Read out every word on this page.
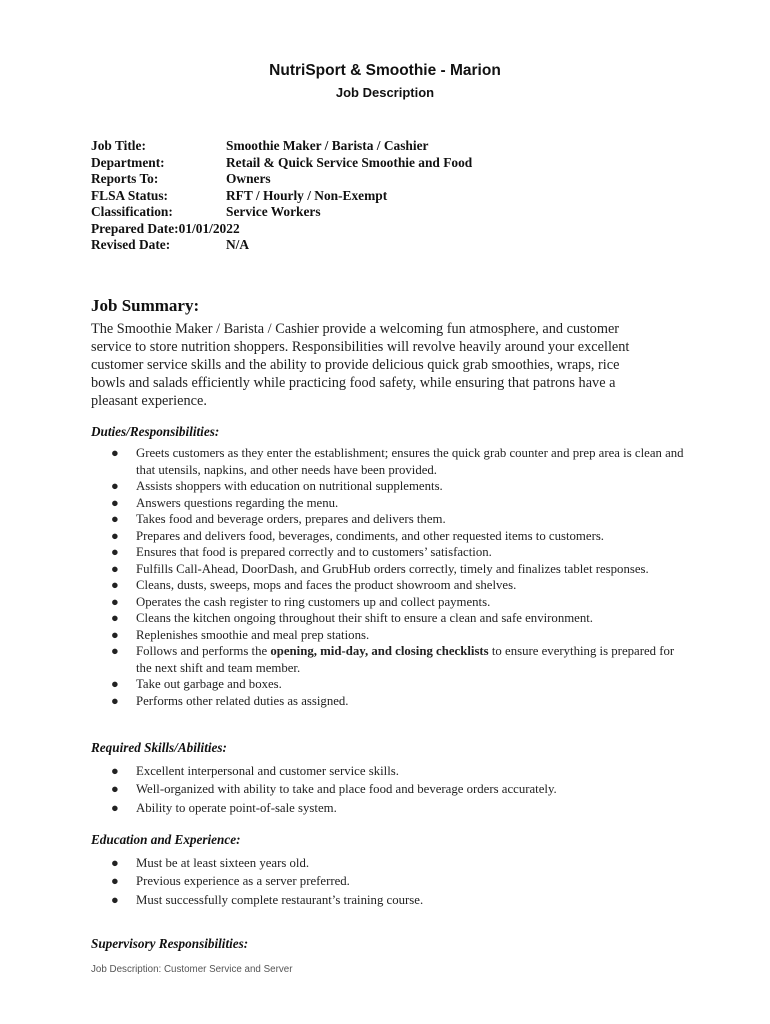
NutriSport & Smoothie - Marion
Job Description
Job Title:	Smoothie Maker / Barista / Cashier
Department:	Retail & Quick Service Smoothie and Food
Reports To:	Owners
FLSA Status:	RFT / Hourly / Non-Exempt
Classification:	Service Workers
Prepared Date:01/01/2022
Revised Date:	N/A
Job Summary:
The Smoothie Maker / Barista / Cashier provide a welcoming fun atmosphere, and customer
service to store nutrition shoppers. Responsibilities will revolve heavily around your excellent
customer service skills and the ability to provide delicious quick grab smoothies, wraps, rice
bowls and salads efficiently while practicing food safety, while ensuring that patrons have a
pleasant experience.
Duties/Responsibilities:
● Greets customers as they enter the establishment; ensures the quick grab counter and prep area is clean and that utensils, napkins, and other needs have been provided.
● Assists shoppers with education on nutritional supplements.
● Answers questions regarding the menu.
● Takes food and beverage orders, prepares and delivers them.
● Prepares and delivers food, beverages, condiments, and other requested items to customers.
● Ensures that food is prepared correctly and to customers’ satisfaction.
● Fulfills Call-Ahead, DoorDash, and GrubHub orders correctly, timely and finalizes tablet responses.
● Cleans, dusts, sweeps, mops and faces the product showroom and shelves.
● Operates the cash register to ring customers up and collect payments.
● Cleans the kitchen ongoing throughout their shift to ensure a clean and safe environment.
● Replenishes smoothie and meal prep stations.
● Follows and performs the opening, mid-day, and closing checklists to ensure everything is prepared for the next shift and team member.
● Take out garbage and boxes.
● Performs other related duties as assigned.
Required Skills/Abilities:
● Excellent interpersonal and customer service skills.
● Well-organized with ability to take and place food and beverage orders accurately.
● Ability to operate point-of-sale system.
Education and Experience:
● Must be at least sixteen years old.
● Previous experience as a server preferred.
● Must successfully complete restaurant’s training course.
Supervisory Responsibilities:
Job Description: Customer Service and Server
